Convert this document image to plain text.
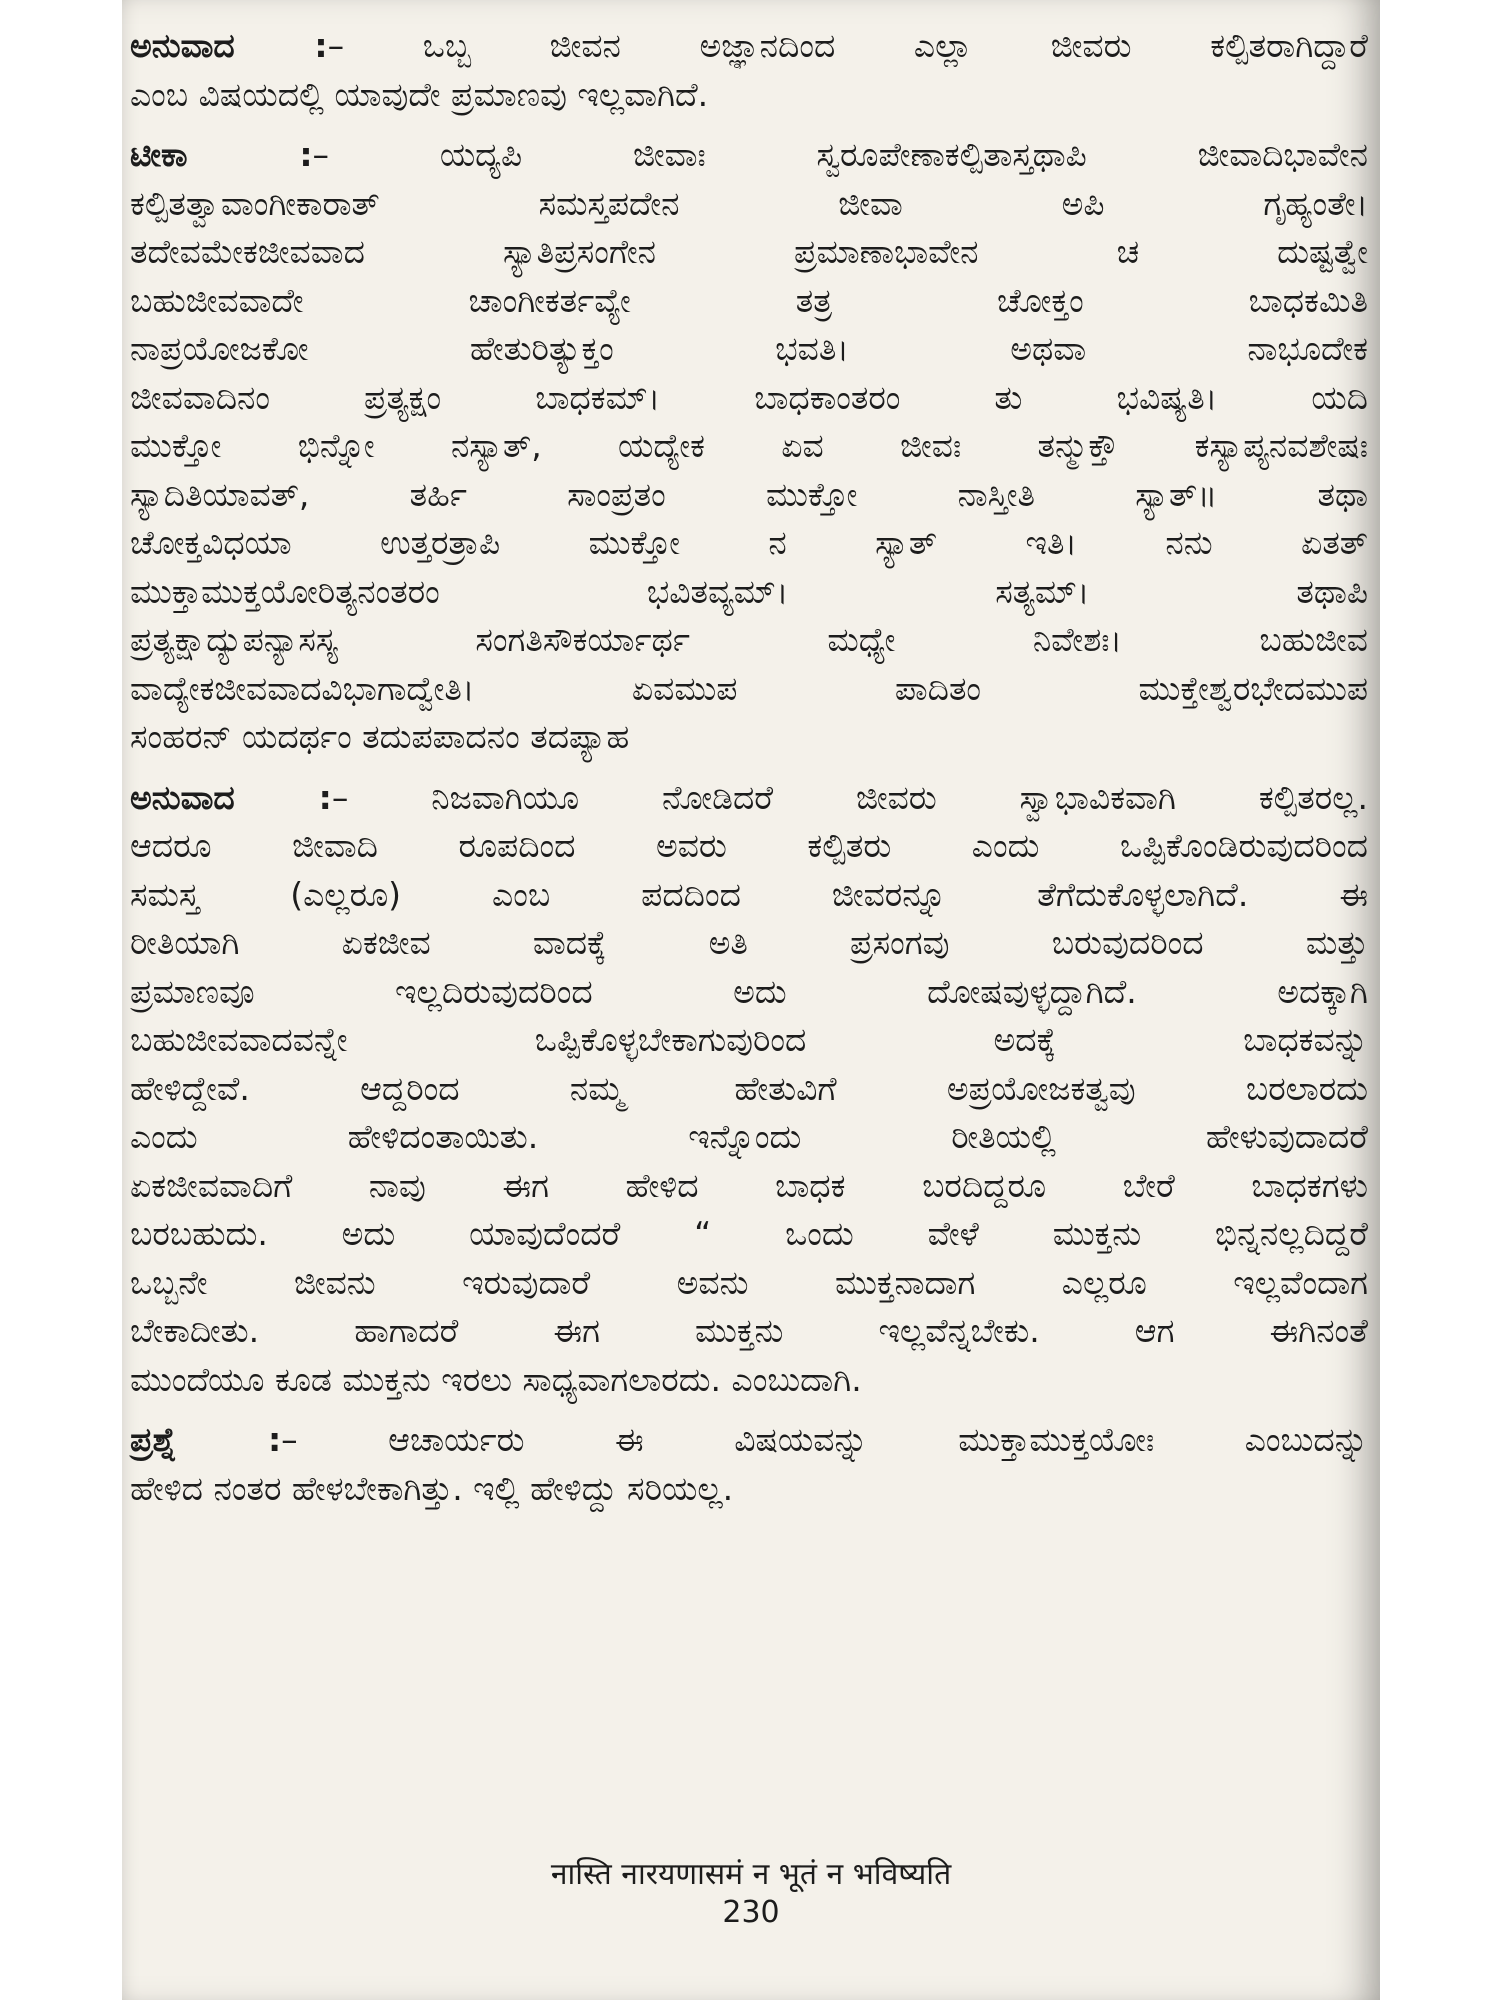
ಅನುವಾದ :– ಒಬ್ಬ ಜೀವನ ಅಜ್ಞಾನದಿಂದ ಎಲ್ಲಾ ಜೀವರು ಕಲ್ಪಿತರಾಗಿದ್ದಾರೆ
ಎಂಬ ವಿಷಯದಲ್ಲಿ ಯಾವುದೇ ಪ್ರಮಾಣವು ಇಲ್ಲವಾಗಿದೆ.
ಟೀಕಾ :– ಯದ್ಯಪಿ ಜೀವಾಃ ಸ್ವರೂಪೇಣಾಕಲ್ಪಿತಾಸ್ತಥಾಪಿ ಜೀವಾದಿಭಾವೇನ
ಕಲ್ಪಿತತ್ವಾವಾಂಗೀಕಾರಾತ್ ಸಮಸ್ತಪದೇನ ಜೀವಾ ಅಪಿ ಗೃಹ್ಯಂತೇ।
ತದೇವಮೇಕಜೀವವಾದ ಸ್ಯಾತಿಪ್ರಸಂಗೇನ ಪ್ರಮಾಣಾಭಾವೇನ ಚ ದುಷ್ಟತ್ವೇ
ಬಹುಜೀವವಾದೇ ಚಾಂಗೀಕರ್ತವ್ಯೇ ತತ್ರ ಚೋಕ್ತಂ ಬಾಧಕಮಿತಿ
ನಾಪ್ರಯೋಜಕೋ ಹೇತುರಿತ್ಯುಕ್ತಂ ಭವತಿ। ಅಥವಾ ನಾಭೂದೇಕ
ಜೀವವಾದಿನಂ ಪ್ರತ್ಯಕ್ಷಂ ಬಾಧಕಮ್। ಬಾಧಕಾಂತರಂ ತು ಭವಿಷ್ಯತಿ। ಯದಿ
ಮುಕ್ತೋ ಭಿನ್ನೋ ನಸ್ಯಾತ್, ಯದ್ಯೇಕ ಏವ ಜೀವಃ ತನ್ಮುಕ್ತೌ ಕಸ್ಯಾಪ್ಯನವಶೇಷಃ
ಸ್ಯಾದಿತಿಯಾವತ್, ತರ್ಹಿ ಸಾಂಪ್ರತಂ ಮುಕ್ತೋ ನಾಸ್ತೀತಿ ಸ್ಯಾತ್॥ ತಥಾ
ಚೋಕ್ತವಿಧಯಾ ಉತ್ತರತ್ರಾಪಿ ಮುಕ್ತೋ ನ ಸ್ಯಾತ್ ಇತಿ। ನನು ಏತತ್
ಮುಕ್ತಾಮುಕ್ತಯೋರಿತ್ಯನಂತರಂ ಭವಿತವ್ಯಮ್। ಸತ್ಯಮ್। ತಥಾಪಿ
ಪ್ರತ್ಯಕ್ಷಾದ್ಯುಪನ್ಯಾಸಸ್ಯ ಸಂಗತಿಸೌಕರ್ಯಾರ್ಥ ಮಧ್ಯೇ ನಿವೇಶಃ। ಬಹುಜೀವ
ವಾದ್ಯೇಕಜೀವವಾದವಿಭಾಗಾದ್ವೇತಿ। ಏವಮುಪ ಪಾದಿತಂ ಮುಕ್ತೇಶ್ವರಭೇದಮುಪ
ಸಂಹರನ್ ಯದರ್ಥಂ ತದುಪಪಾದನಂ ತದಪ್ಯಾಹ
ಅನುವಾದ :– ನಿಜವಾಗಿಯೂ ನೋಡಿದರೆ ಜೀವರು ಸ್ವಾಭಾವಿಕವಾಗಿ ಕಲ್ಪಿತರಲ್ಲ.
ಆದರೂ ಜೀವಾದಿ ರೂಪದಿಂದ ಅವರು ಕಲ್ಪಿತರು ಎಂದು ಒಪ್ಪಿಕೊಂಡಿರುವುದರಿಂದ
ಸಮಸ್ತ (ಎಲ್ಲರೂ) ಎಂಬ ಪದದಿಂದ ಜೀವರನ್ನೂ ತೆಗೆದುಕೊಳ್ಳಲಾಗಿದೆ. ಈ
ರೀತಿಯಾಗಿ ಏಕಜೀವ ವಾದಕ್ಕೆ ಅತಿ ಪ್ರಸಂಗವು ಬರುವುದರಿಂದ ಮತ್ತು
ಪ್ರಮಾಣವೂ ಇಲ್ಲದಿರುವುದರಿಂದ ಅದು ದೋಷವುಳ್ಳದ್ದಾಗಿದೆ. ಅದಕ್ಕಾಗಿ
ಬಹುಜೀವವಾದವನ್ನೇ ಒಪ್ಪಿಕೊಳ್ಳಬೇಕಾಗುವುರಿಂದ ಅದಕ್ಕೆ ಬಾಧಕವನ್ನು
ಹೇಳಿದ್ದೇವೆ. ಆದ್ದರಿಂದ ನಮ್ಮ ಹೇತುವಿಗೆ ಅಪ್ರಯೋಜಕತ್ವವು ಬರಲಾರದು
ಎಂದು ಹೇಳಿದಂತಾಯಿತು. ಇನ್ನೊಂದು ರೀತಿಯಲ್ಲಿ ಹೇಳುವುದಾದರೆ
ಏಕಜೀವವಾದಿಗೆ ನಾವು ಈಗ ಹೇಳಿದ ಬಾಧಕ ಬರದಿದ್ದರೂ ಬೇರೆ ಬಾಧಕಗಳು
ಬರಬಹುದು. ಅದು ಯಾವುದೆಂದರೆ “ ಒಂದು ವೇಳೆ ಮುಕ್ತನು ಭಿನ್ನನಲ್ಲದಿದ್ದರೆ
ಒಬ್ಬನೇ ಜೀವನು ಇರುವುದಾರೆ ಅವನು ಮುಕ್ತನಾದಾಗ ಎಲ್ಲರೂ ಇಲ್ಲವೆಂದಾಗ
ಬೇಕಾದೀತು. ಹಾಗಾದರೆ ಈಗ ಮುಕ್ತನು ಇಲ್ಲವೆನ್ನಬೇಕು. ಆಗ ಈಗಿನಂತೆ
ಮುಂದೆಯೂ ಕೂಡ ಮುಕ್ತನು ಇರಲು ಸಾಧ್ಯವಾಗಲಾರದು. ಎಂಬುದಾಗಿ.
ಪ್ರಶ್ನೆ :– ಆಚಾರ್ಯರು ಈ ವಿಷಯವನ್ನು ಮುಕ್ತಾಮುಕ್ತಯೋಃ ಎಂಬುದನ್ನು
ಹೇಳಿದ ನಂತರ ಹೇಳಬೇಕಾಗಿತ್ತು. ಇಲ್ಲಿ ಹೇಳಿದ್ದು ಸರಿಯಲ್ಲ.
नास्ति नारयणासमं न भूतं न भविष्यति
230
